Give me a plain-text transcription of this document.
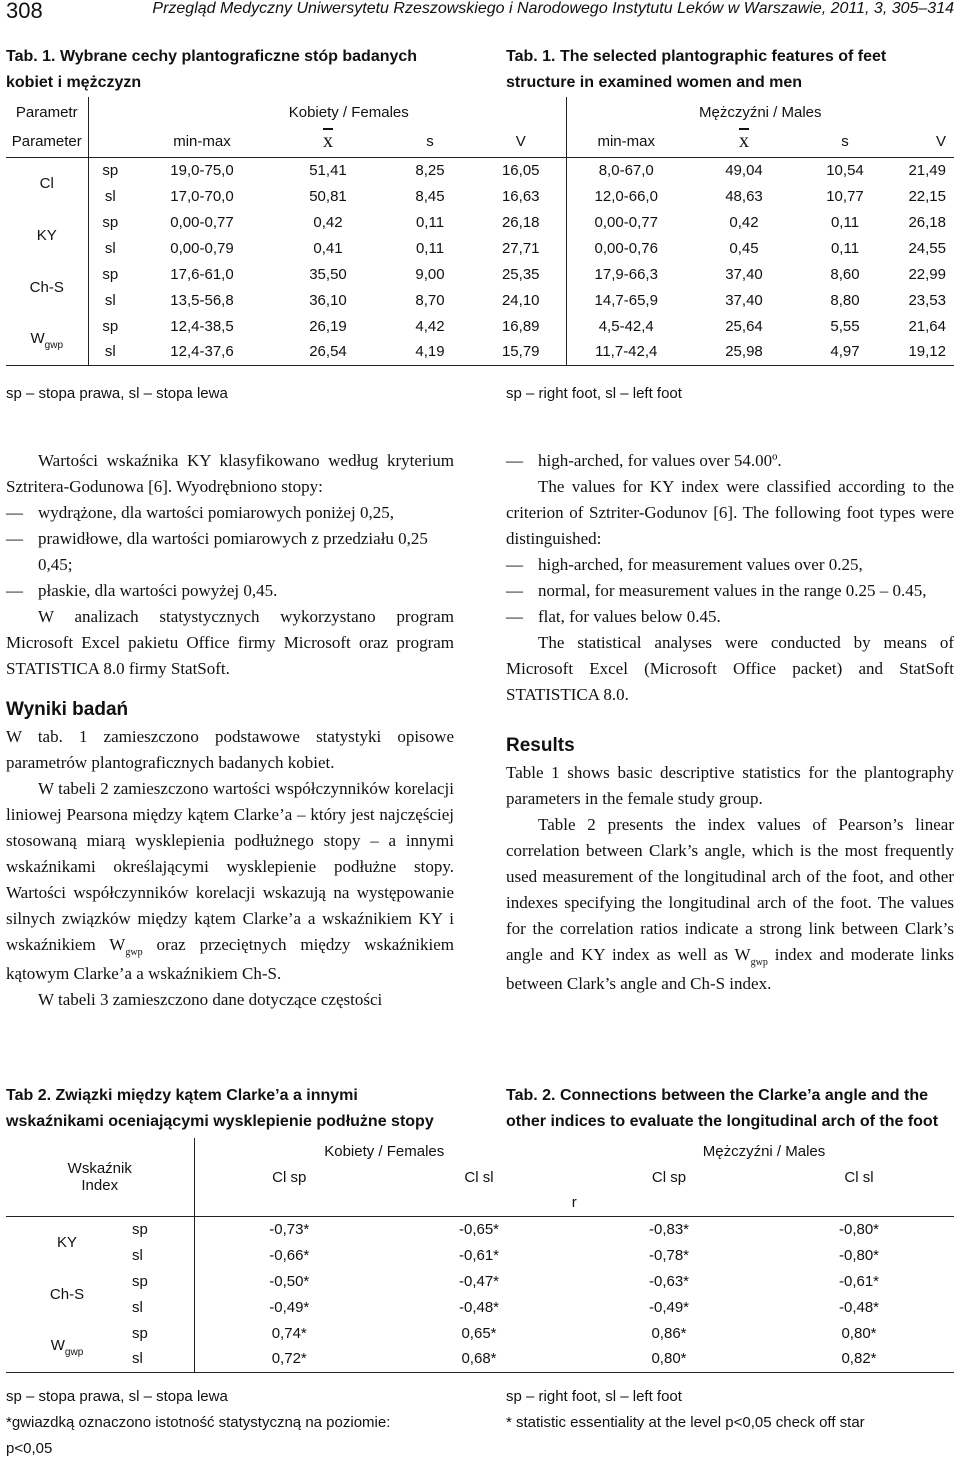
308	Przegląd Medyczny Uniwersytetu Rzeszowskiego i Narodowego Instytutu Leków w Warszawie, 2011, 3, 305–314
Tab. 1. Wybrane cechy plantograficzne stóp badanych
kobiet i mężczyzn
Tab. 1. The selected plantographic features of feet
structure in examined women and men
Parametr		Kobiety / Females				Mężczyźni / Males			
Parameter		min-max	$\overline{x}$	s	V	min-max	$\overline{x}$	s	V
Cl	sp	19,0-75,0	51,41	8,25	16,05	8,0-67,0	49,04	10,54	21,49
	sl	17,0-70,0	50,81	8,45	16,63	12,0-66,0	48,63	10,77	22,15
KY	sp	0,00-0,77	0,42	0,11	26,18	0,00-0,77	0,42	0,11	26,18
	sl	0,00-0,79	0,41	0,11	27,71	0,00-0,76	0,45	0,11	24,55
Ch-S	sp	17,6-61,0	35,50	9,00	25,35	17,9-66,3	37,40	8,60	22,99
	sl	13,5-56,8	36,10	8,70	24,10	14,7-65,9	37,40	8,80	23,53
$W_{gwp}$	sp	12,4-38,5	26,19	4,42	16,89	4,5-42,4	25,64	5,55	21,64
	sl	12,4-37,6	26,54	4,19	15,79	11,7-42,4	25,98	4,97	19,12
sp – stopa prawa, sl – stopa lewa	sp – right foot, sl – left foot

Wartości wskaźnika KY klasyfikowano według kryterium Sztritera-Godunowa [6]. Wyodrębniono stopy:

— wydrążone, dla wartości pomiarowych poniżej 0,25,
— prawidłowe, dla wartości pomiarowych z przedziału 0,25 0,45;
— płaskie, dla wartości powyżej 0,45.

W analizach statystycznych wykorzystano program Microsoft Excel pakietu Office firmy Microsoft oraz program STATISTICA 8.0 firmy StatSoft.

Wyniki badań

W tab. 1 zamieszczono podstawowe statystyki opisowe parametrów plantograficznych badanych kobiet.

W tabeli 2 zamieszczono wartości współczynników korelacji liniowej Pearsona między kątem Clarke’a – który jest najczęściej stosowaną miarą wysklepienia podłużnego stopy – a innymi wskaźnikami określającymi wysklepienie podłużne stopy. Wartości współczynników korelacji wskazują na występowanie silnych związków między kątem Clarke’a a wskaźnikiem KY i wskaźnikiem $W_{gwp}$ oraz przeciętnych między wskaźnikiem kątowym Clarke’a a wskaźnikiem Ch-S.

W tabeli 3 zamieszczono dane dotyczące częstości

— high-arched, for values over 54.00º.

The values for KY index were classified according to the criterion of Sztriter-Godunov [6]. The following foot types were distinguished:

— high-arched, for measurement values over 0.25,
— normal, for measurement values in the range 0.25 – 0.45,
— flat, for values below 0.45.

The statistical analyses were conducted by means of Microsoft Excel (Microsoft Office packet) and StatSoft STATISTICA 8.0.

Results

Table 1 shows basic descriptive statistics for the plantography parameters in the female study group.

Table 2 presents the index values of Pearson’s linear correlation between Clark’s angle, which is the most frequently used measurement of the longitudinal arch of the foot, and other indexes specifying the longitudinal arch of the foot. The values for the correlation ratios indicate a strong link between Clark’s angle and KY index as well as $W_{gwp}$ index and moderate links between Clark’s angle and Ch-S index.

Tab 2. Związki między kątem Clarke’a a innymi
wskaźnikami oceniającymi wysklepienie podłużne stopy
Tab. 2. Connections between the Clarke’a angle and the
other indices to evaluate the longitudinal arch of the foot
Wskaźnik
Index		Kobiety / Females		Mężczyźni / Males	
		Cl sp	Cl sl	Cl sp	Cl sl
		r			
KY	sp	-0,73*	-0,65*	-0,83*	-0,80*
	sl	-0,66*	-0,61*	-0,78*	-0,80*
Ch-S	sp	-0,50*	-0,47*	-0,63*	-0,61*
	sl	-0,49*	-0,48*	-0,49*	-0,48*
$W_{gwp}$	sp	0,74*	0,65*	0,86*	0,80*
	sl	0,72*	0,68*	0,80*	0,82*
sp – stopa prawa, sl – stopa lewa
*gwiazdką oznaczono istotność statystyczną na poziomie:
p<0,05
sp – right foot, sl – left foot
* statistic essentiality at the level p<0,05 check off star
